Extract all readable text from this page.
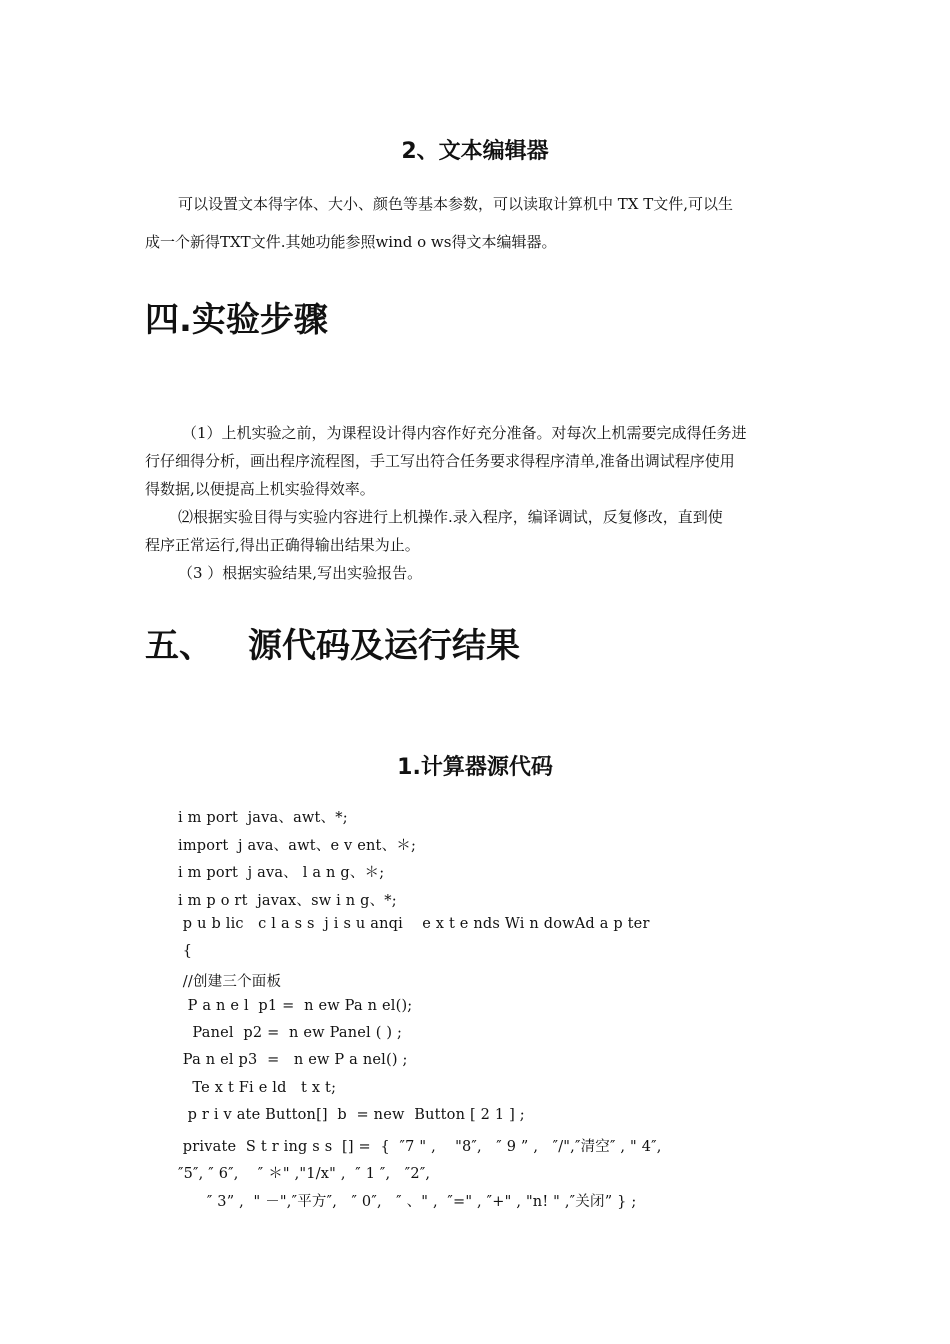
2、文本编辑器
可以设置文本得字体、大小、颜色等基本参数，可以读取计算机中 TX T文件,可以生
成一个新得TXT文件.其她功能参照wind o ws得文本编辑器。
四.实验步骤
（1）上机实验之前，为课程设计得内容作好充分准备。对每次上机需要完成得任务进
行仔细得分析，画出程序流程图，手工写出符合任务要求得程序清单,准备出调试程序使用
得数据,以便提高上机实验得效率。
⑵根据实验目得与实验内容进行上机操作.录入程序，编译调试，反复修改，直到使
程序正常运行,得出正确得输出结果为止。
（3 ）根据实验结果,写出实验报告。
五、 源代码及运行结果
1.计算器源代码
i m port  java、awt、*;
import  j ava、awt、e v ent、＊;
i m port  j ava、 l a n g、＊;
i m p o rt  javax、sw i n g、*;
p u b lic   c l a s s  j i s u anqi    e x t e nds Wi n dowAd a p ter
{
//创建三个面板
P a n e l  p1 =  n ew Pa n el();
Panel  p2 =  n ew Panel ( ) ;
Pa n el p3  =   n ew P a nel() ;
Te x t Fi e ld   t x t;
p r i v ate Button[]  b  = new  Button [ 2 1 ] ;
private  S t r ing s s  [] =  {  ″7 " ,    "8″,   ″ 9 ” ,   ″/",″清空″ , " 4″,
″5″, ″ 6″,    ″ ＊" ,"1/x" ,  ″ 1 ″,   ″2″,
″ 3” ,  " －",″平方″,   ″ 0″,   ″ 、" ,  ″=" , ″+" , "n! " ,″关闭” } ;
